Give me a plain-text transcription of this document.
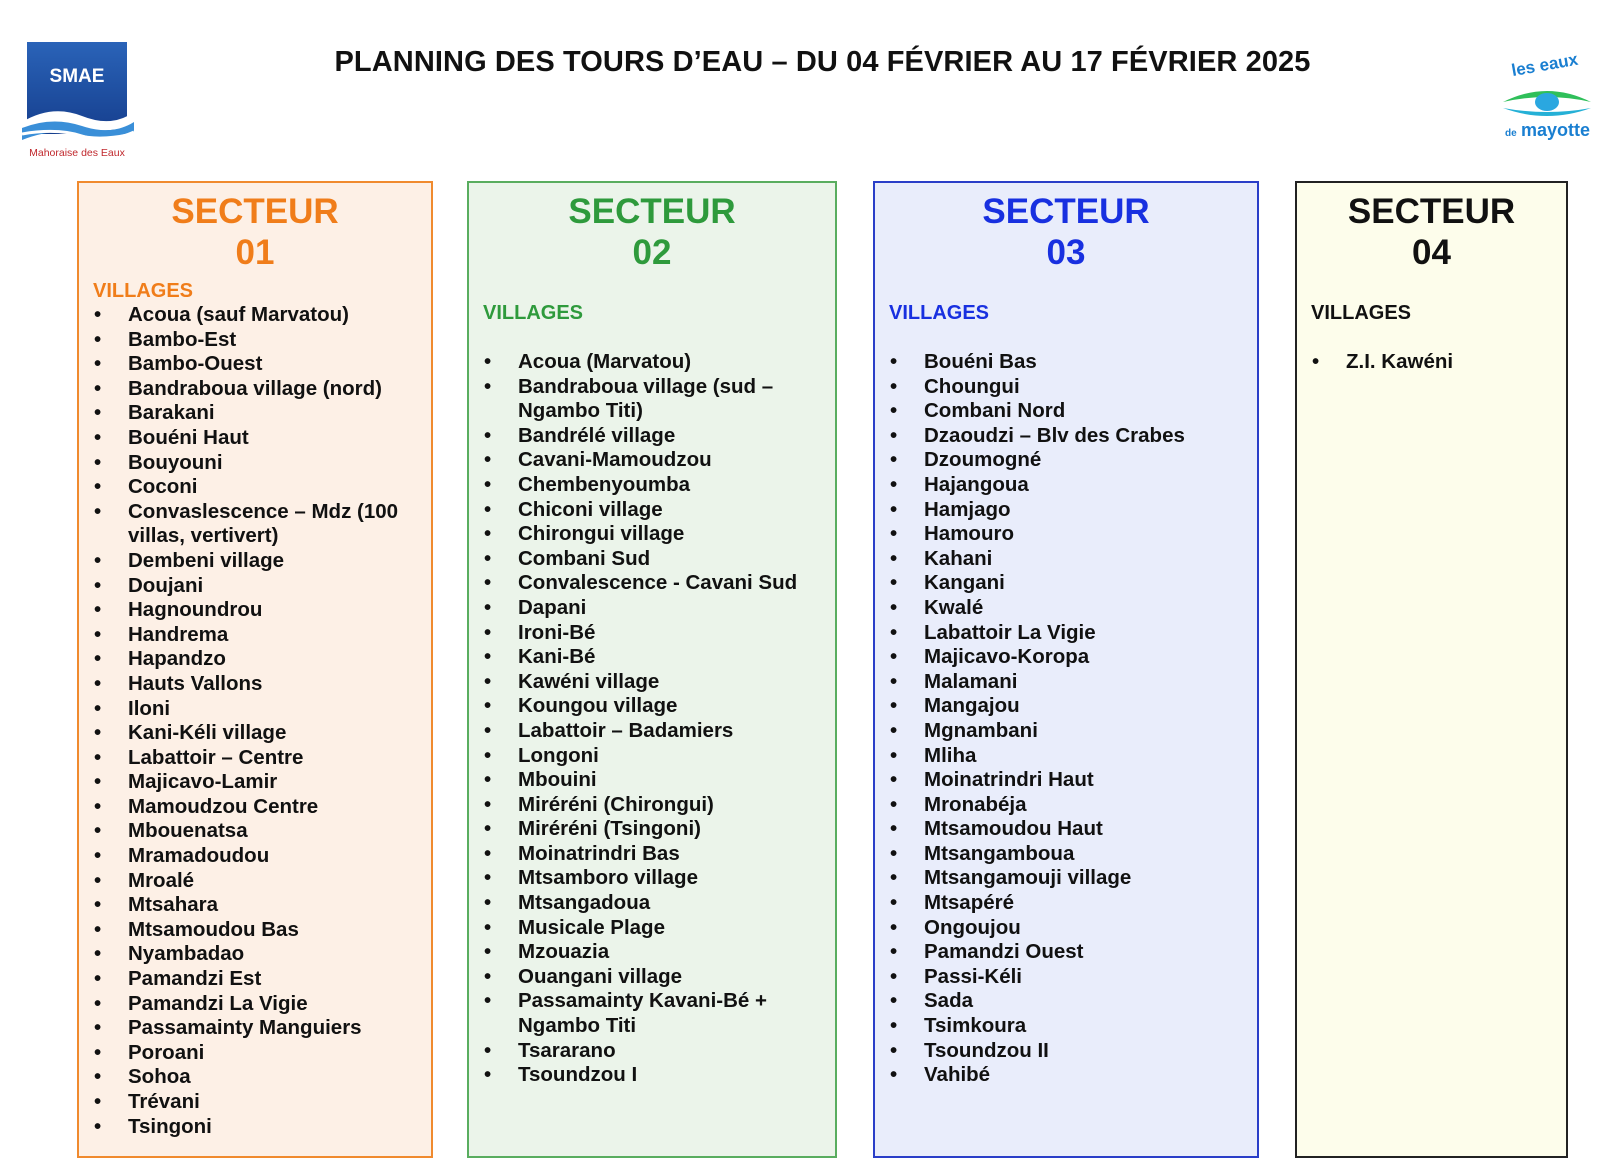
PLANNING DES TOURS D’EAU – DU 04 FÉVRIER AU 17 FÉVRIER 2025
SMAE
Mahoraise des Eaux
les eaux
de mayotte
SECTEUR
01
VILLAGES
• Acoua (sauf Marvatou)
• Bambo-Est
• Bambo-Ouest
• Bandraboua village (nord)
• Barakani
• Bouéni Haut
• Bouyouni
• Coconi
• Convaslescence – Mdz (100 villas, vertivert)
• Dembeni village
• Doujani
• Hagnoundrou
• Handrema
• Hapandzo
• Hauts Vallons
• Iloni
• Kani-Kéli village
• Labattoir – Centre
• Majicavo-Lamir
• Mamoudzou Centre
• Mbouenatsa
• Mramadoudou
• Mroalé
• Mtsahara
• Mtsamoudou Bas
• Nyambadao
• Pamandzi Est
• Pamandzi La Vigie
• Passamainty Manguiers
• Poroani
• Sohoa
• Trévani
• Tsingoni
SECTEUR
02
VILLAGES
• Acoua (Marvatou)
• Bandraboua village (sud – Ngambo Titi)
• Bandrélé village
• Cavani-Mamoudzou
• Chembenyoumba
• Chiconi village
• Chirongui village
• Combani Sud
• Convalescence - Cavani Sud
• Dapani
• Ironi-Bé
• Kani-Bé
• Kawéni village
• Koungou village
• Labattoir – Badamiers
• Longoni
• Mbouini
• Miréréni (Chirongui)
• Miréréni (Tsingoni)
• Moinatrindri Bas
• Mtsamboro village
• Mtsangadoua
• Musicale Plage
• Mzouazia
• Ouangani village
• Passamainty Kavani-Bé + Ngambo Titi
• Tsararano
• Tsoundzou I
SECTEUR
03
VILLAGES
• Bouéni Bas
• Choungui
• Combani Nord
• Dzaoudzi – Blv des Crabes
• Dzoumogné
• Hajangoua
• Hamjago
• Hamouro
• Kahani
• Kangani
• Kwalé
• Labattoir La Vigie
• Majicavo-Koropa
• Malamani
• Mangajou
• Mgnambani
• Mliha
• Moinatrindri Haut
• Mronabéja
• Mtsamoudou Haut
• Mtsangamboua
• Mtsangamouji village
• Mtsapéré
• Ongoujou
• Pamandzi Ouest
• Passi-Kéli
• Sada
• Tsimkoura
• Tsoundzou II
• Vahibé
SECTEUR
04
VILLAGES
• Z.I. Kawéni
